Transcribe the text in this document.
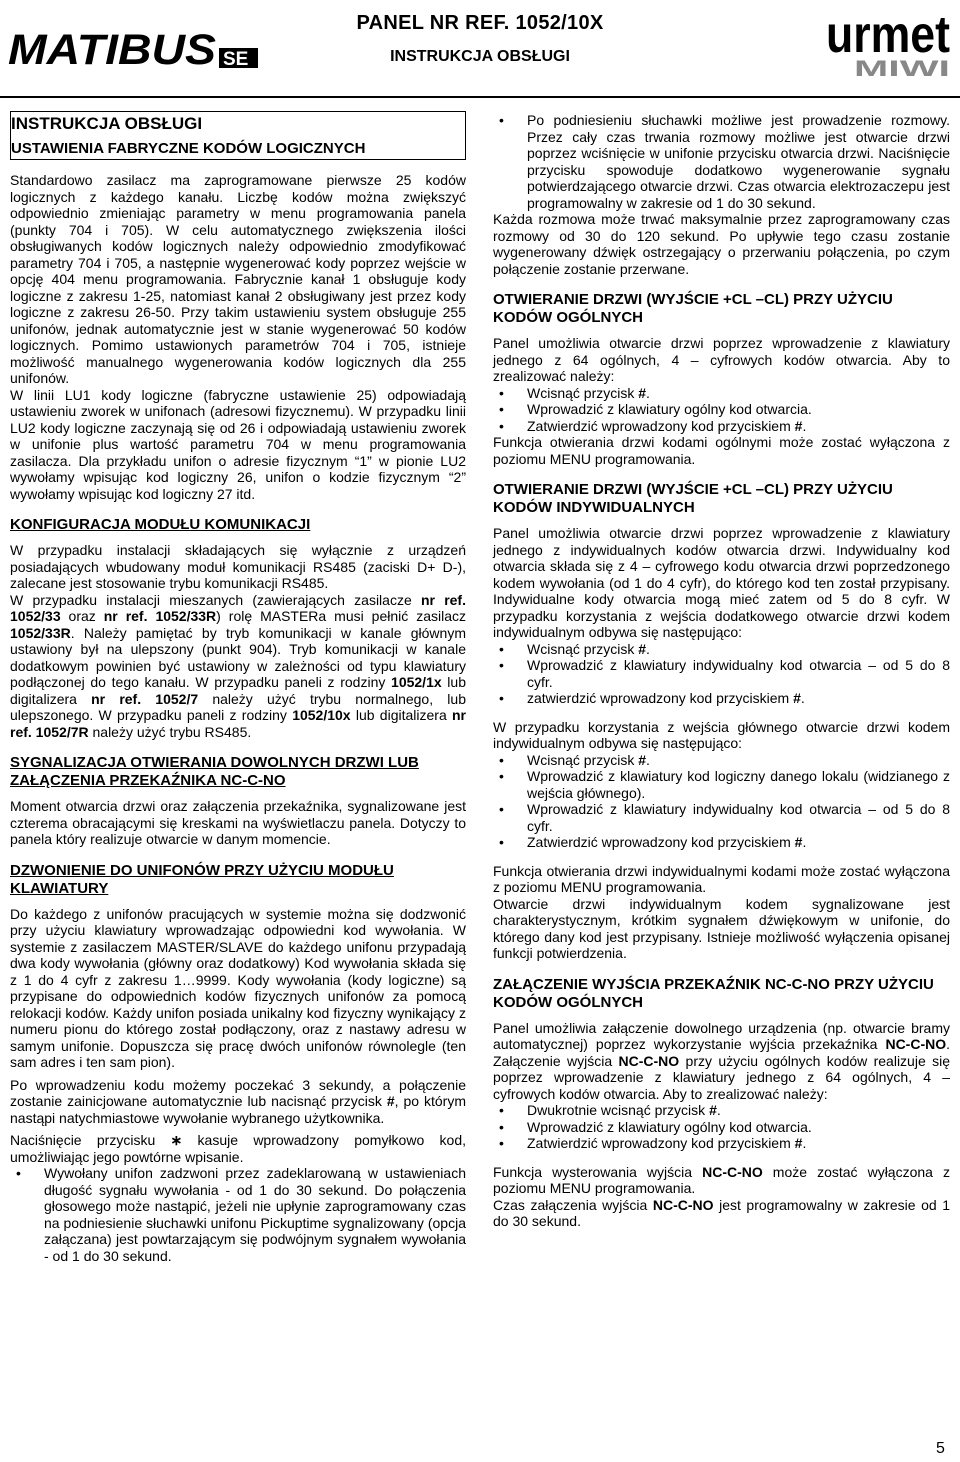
MATIBUS SE
PANEL NR REF. 1052/10X
INSTRUKCJA OBSŁUGI	urmet
MIWI
INSTRUKCJA OBSŁUGI
USTAWIENIA FABRYCZNE KODÓW LOGICZNYCH

Standardowo zasilacz ma zaprogramowane pierwsze 25 kodów logicznych z każdego kanału. Liczbę kodów można zwiększyć odpowiednio zmieniając parametry w menu programowania panela (punkty 704 i 705). W celu automatycznego zwiększenia ilości obsługiwanych kodów logicznych należy odpowiednio zmodyfikować parametry 704 i 705, a następnie wygenerować kody poprzez wejście w opcję 404 menu programowania. Fabrycznie kanał 1 obsługuje kody logiczne z zakresu 1-25, natomiast kanał 2 obsługiwany jest przez kody logiczne z zakresu 26-50. Przy takim ustawieniu system obsługuje 255 unifonów, jednak automatycznie jest w stanie wygenerować 50 kodów logicznych. Pomimo ustawionych parametrów 704 i 705, istnieje możliwość manualnego wygenerowania kodów logicznych dla 255 unifonów.

W linii LU1 kody logiczne (fabryczne ustawienie 25) odpowiadają ustawieniu zworek w unifonach (adresowi fizycznemu). W przypadku linii LU2 kody logiczne zaczynają się od 26 i odpowiadają ustawieniu zworek w unifonie plus wartość parametru 704 w menu programowania zasilacza. Dla przykładu unifon o adresie fizycznym “1” w pionie LU2 wywołamy wpisując kod logiczny 26, unifon o kodzie fizycznym “2” wywołamy wpisując kod logiczny 27 itd.

KONFIGURACJA MODUŁU KOMUNIKACJI

W przypadku instalacji składających się wyłącznie z urządzeń posiadających wbudowany moduł komunikacji RS485 (zaciski D+ D-), zalecane jest stosowanie trybu komunikacji RS485.

W przypadku instalacji mieszanych (zawierających zasilacze nr ref. 1052/33 oraz nr ref. 1052/33R) rolę MASTERa musi pełnić zasilacz 1052/33R. Należy pamiętać by tryb komunikacji w kanale głównym ustawiony był na ulepszony (punkt 904). Tryb komunikacji w kanale dodatkowym powinien być ustawiony w zależności od typu klawiatury podłączonej do tego kanału. W przypadku paneli z rodziny 1052/1x lub digitalizera nr ref. 1052/7 należy użyć trybu normalnego, lub ulepszonego. W przypadku paneli z rodziny 1052/10x lub digitalizera nr ref. 1052/7R należy użyć trybu RS485.

SYGNALIZACJA OTWIERANIA DOWOLNYCH DRZWI LUB ZAŁĄCZENIA PRZEKAŹNIKA NC-C-NO

Moment otwarcia drzwi oraz załączenia przekaźnika, sygnalizowane jest czterema obracającymi się kreskami na wyświetlaczu panela. Dotyczy to panela który realizuje otwarcie w danym momencie.

DZWONIENIE DO UNIFONÓW PRZY UŻYCIU MODUŁU KLAWIATURY

Do każdego z unifonów pracujących w systemie można się dodzwonić przy użyciu klawiatury wprowadzając odpowiedni kod wywołania. W systemie z zasilaczem MASTER/SLAVE do każdego unifonu przypadają dwa kody wywołania (główny oraz dodatkowy) Kod wywołania składa się z 1 do 4 cyfr z zakresu 1…9999. Kody wywołania (kody logiczne) są przypisane do odpowiednich kodów fizycznych unifonów za pomocą relokacji kodów. Każdy unifon posiada unikalny kod fizyczny wynikający z numeru pionu do którego został podłączony, oraz z nastawy adresu w samym unifonie. Dopuszcza się pracę dwóch unifonów równolegle (ten sam adres i ten sam pion).

Po wprowadzeniu kodu możemy poczekać 3 sekundy, a połączenie zostanie zainicjowane automatycznie lub nacisnąć przycisk #, po którym nastąpi natychmiastowe wywołanie wybranego użytkownika.

Naciśnięcie przycisku ∗ kasuje wprowadzony pomyłkowo kod, umożliwiając jego powtórne wpisanie.

• Wywołany unifon zadzwoni przez zadeklarowaną w ustawieniach długość sygnału wywołania - od 1 do 30 sekund. Do połączenia głosowego może nastąpić, jeżeli nie upłynie zaprogramowany czas na podniesienie słuchawki unifonu Pickuptime sygnalizowany (opcja załączana) jest powtarzającym się podwójnym sygnałem wywołania - od 1 do 30 sekund.
• Po podniesieniu słuchawki możliwe jest prowadzenie rozmowy. Przez cały czas trwania rozmowy możliwe jest otwarcie drzwi poprzez wciśnięcie w unifonie przycisku otwarcia drzwi. Naciśnięcie przycisku spowoduje dodatkowo wygenerowanie sygnału potwierdzającego otwarcie drzwi. Czas otwarcia elektrozaczepu jest programowalny w zakresie od 1 do 30 sekund.

Każda rozmowa może trwać maksymalnie przez zaprogramowany czas rozmowy od 30 do 120 sekund. Po upływie tego czasu zostanie wygenerowany dźwięk ostrzegający o przerwaniu połączenia, po czym połączenie zostanie przerwane.

OTWIERANIE DRZWI (WYJŚCIE +CL –CL) PRZY UŻYCIU KODÓW OGÓLNYCH

Panel umożliwia otwarcie drzwi poprzez wprowadzenie z klawiatury jednego z 64 ogólnych, 4 – cyfrowych kodów otwarcia. Aby to zrealizować należy:

• Wcisnąć przycisk #.
• Wprowadzić z klawiatury ogólny kod otwarcia.
• Zatwierdzić wprowadzony kod przyciskiem #.

Funkcja otwierania drzwi kodami ogólnymi może zostać wyłączona z poziomu MENU programowania.

OTWIERANIE DRZWI (WYJŚCIE +CL –CL) PRZY UŻYCIU KODÓW INDYWIDUALNYCH

Panel umożliwia otwarcie drzwi poprzez wprowadzenie z klawiatury jednego z indywidualnych kodów otwarcia drzwi. Indywidualny kod otwarcia składa się z 4 – cyfrowego kodu otwarcia drzwi poprzedzonego kodem wywołania (od 1 do 4 cyfr), do którego kod ten został przypisany. Indywidualne kody otwarcia mogą mieć zatem od 5 do 8 cyfr. W przypadku korzystania z wejścia dodatkowego otwarcie drzwi kodem indywidualnym odbywa się następująco:

• Wcisnąć przycisk #.
• Wprowadzić z klawiatury indywidualny kod otwarcia – od 5 do 8 cyfr.
• zatwierdzić wprowadzony kod przyciskiem #.

W przypadku korzystania z wejścia głównego otwarcie drzwi kodem indywidualnym odbywa się następująco:

• Wcisnąć przycisk #.
• Wprowadzić z klawiatury kod logiczny danego lokalu (widzianego z wejścia głównego).
• Wprowadzić z klawiatury indywidualny kod otwarcia – od 5 do 8 cyfr.
• Zatwierdzić wprowadzony kod przyciskiem #.

Funkcja otwierania drzwi indywidualnymi kodami może zostać wyłączona z poziomu MENU programowania.

Otwarcie drzwi indywidualnym kodem sygnalizowane jest charakterystycznym, krótkim sygnałem dźwiękowym w unifonie, do którego dany kod jest przypisany. Istnieje możliwość wyłączenia opisanej funkcji potwierdzenia.

ZAŁĄCZENIE WYJŚCIA PRZEKAŹNIK NC-C-NO PRZY UŻYCIU KODÓW OGÓLNYCH

Panel umożliwia załączenie dowolnego urządzenia (np. otwarcie bramy automatycznej) poprzez wykorzystanie wyjścia przekaźnika NC-C-NO. Załączenie wyjścia NC-C-NO przy użyciu ogólnych kodów realizuje się poprzez wprowadzenie z klawiatury jednego z 64 ogólnych, 4 – cyfrowych kodów otwarcia. Aby to zrealizować należy:

• Dwukrotnie wcisnąć przycisk #.
• Wprowadzić z klawiatury ogólny kod otwarcia.
• Zatwierdzić wprowadzony kod przyciskiem #.

Funkcja wysterowania wyjścia NC-C-NO może zostać wyłączona z poziomu MENU programowania.

Czas załączenia wyjścia NC-C-NO jest programowalny w zakresie od 1 do 30 sekund.

5
